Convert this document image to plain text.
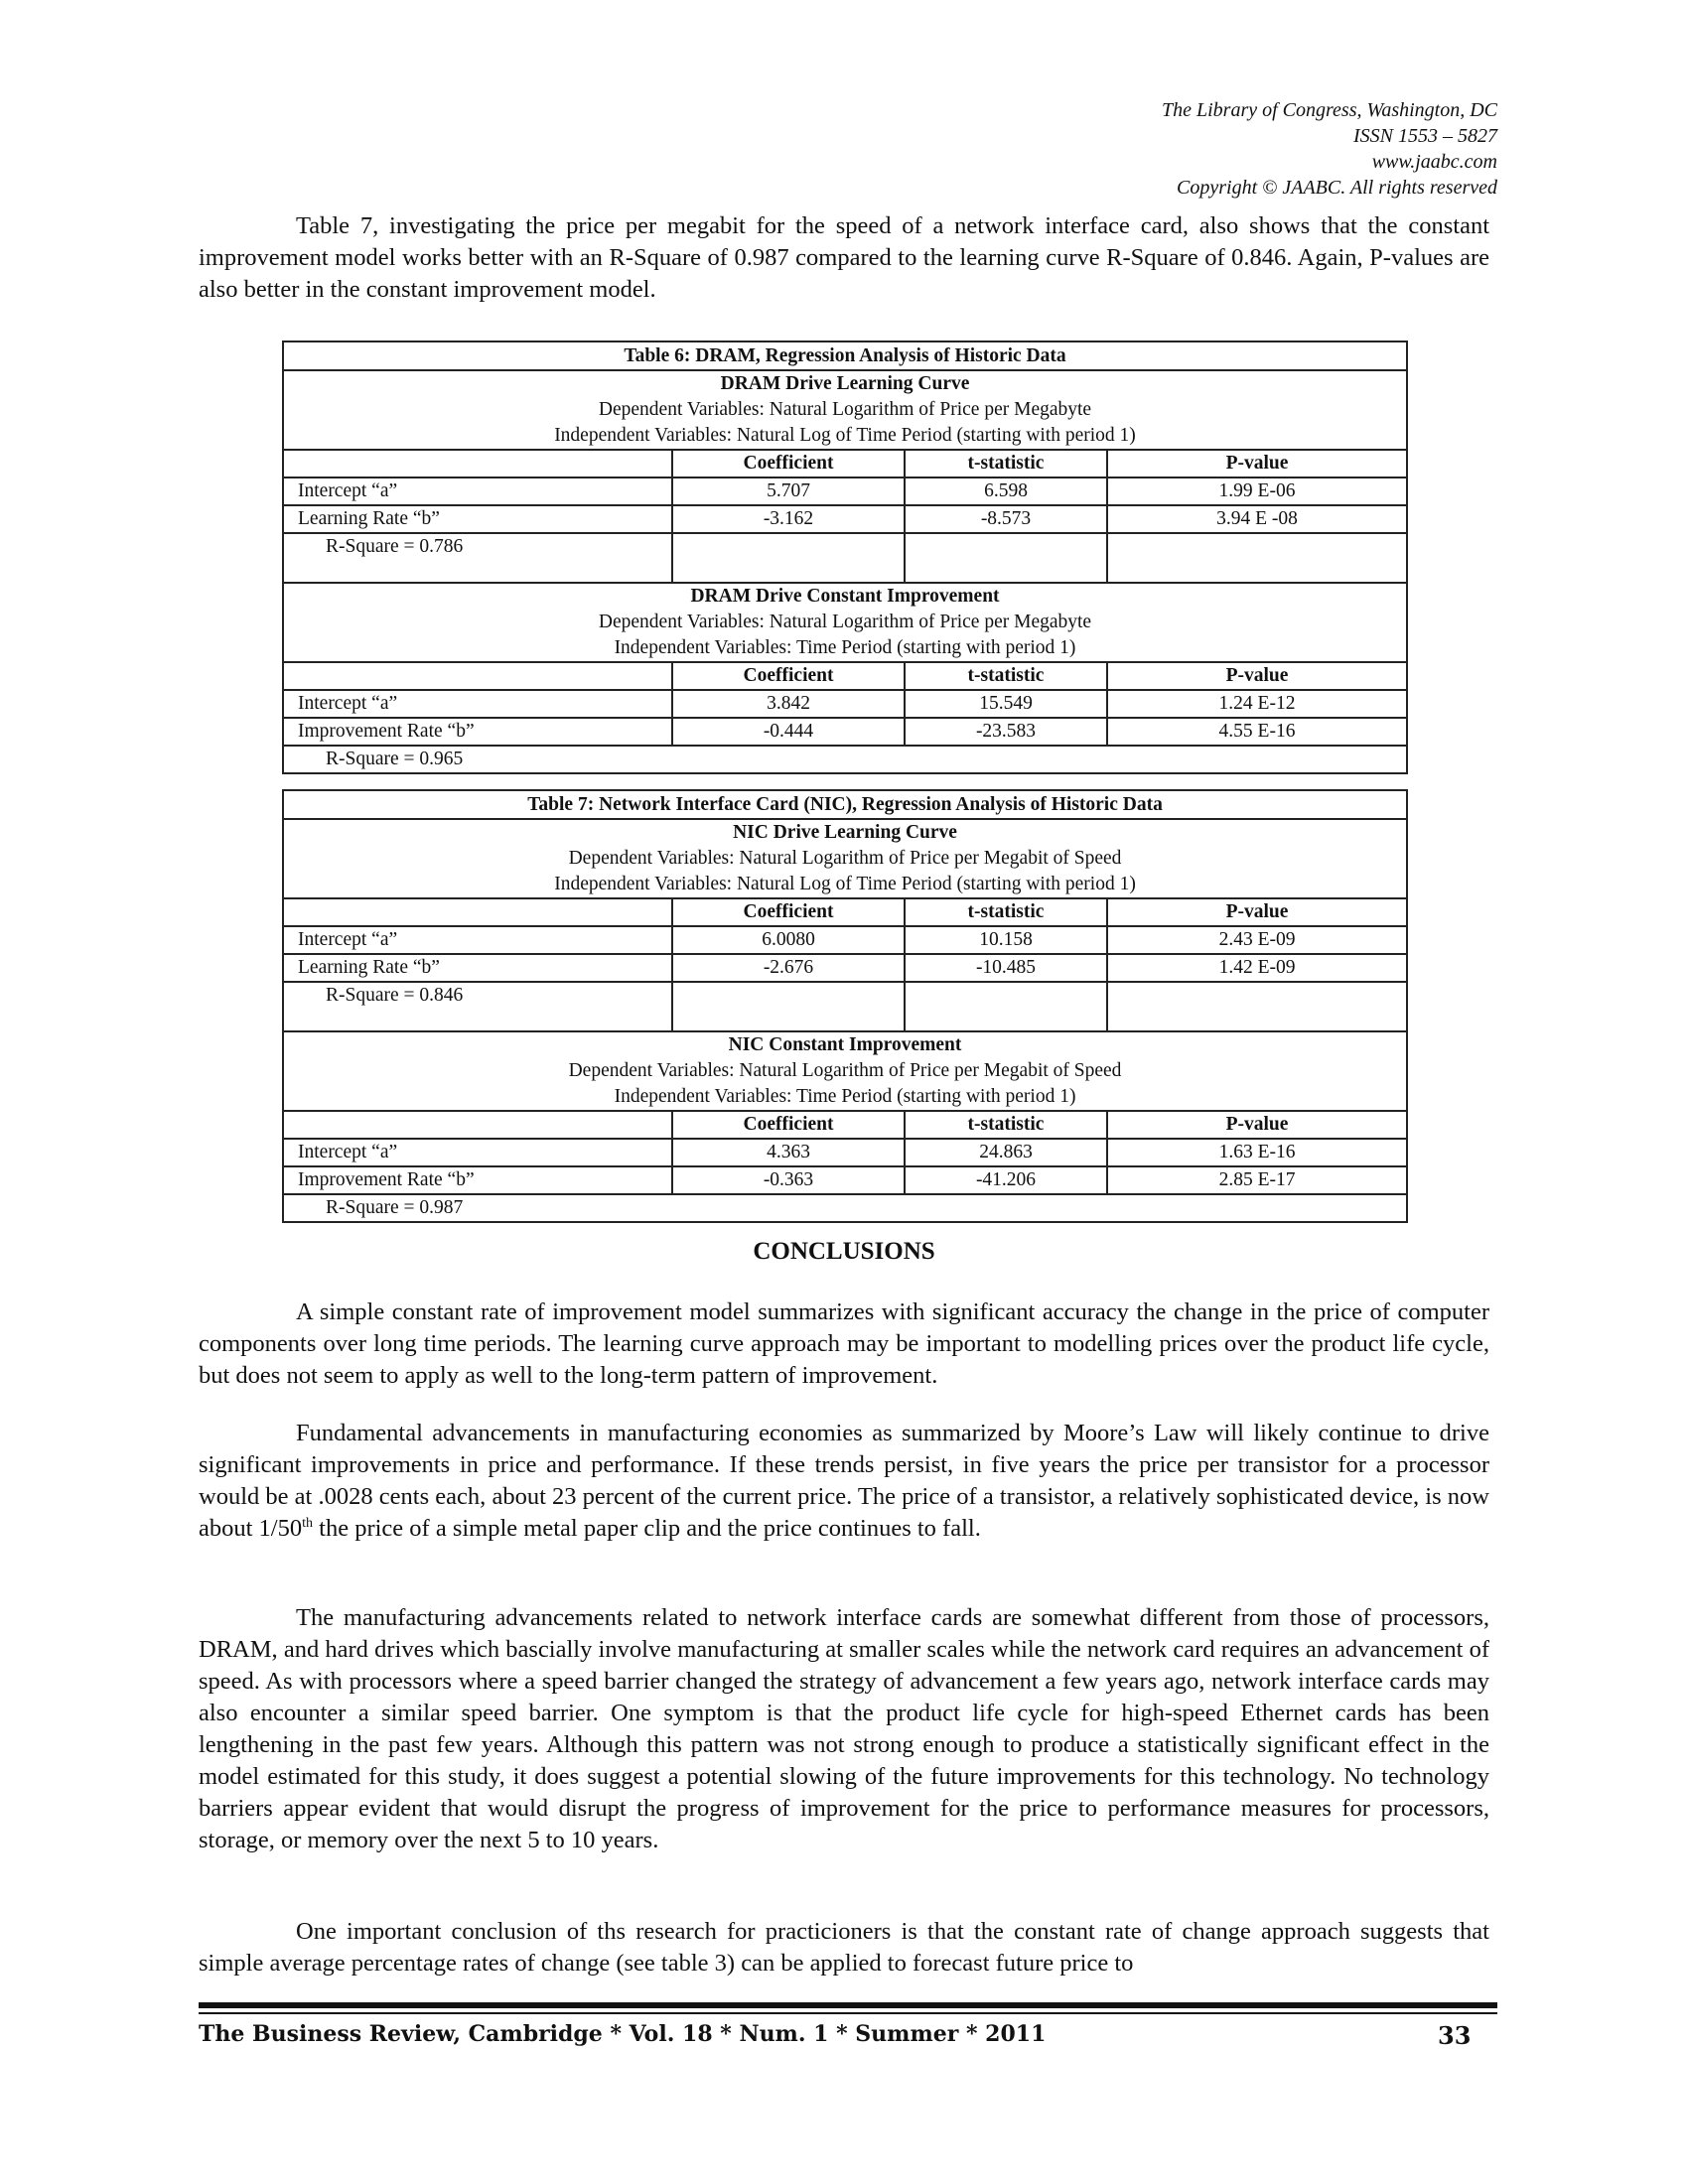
The Library of Congress, Washington, DC
ISSN 1553 – 5827
www.jaabc.com
Copyright © JAABC. All rights reserved
Table 7, investigating the price per megabit for the speed of a network interface card, also shows that the constant improvement model works better with an R-Square of 0.987 compared to the learning curve R-Square of 0.846. Again, P-values are also better in the constant improvement model.
Table 6: DRAM, Regression Analysis of Historic Data			

DRAM Drive Learning Curve
Dependent Variables: Natural Logarithm of Price per Megabyte
Independent Variables: Natural Log of Time Period (starting with period 1)			

	Coefficient	t-statistic	P-value
Intercept “a”	5.707	6.598	1.99 E-06
Learning Rate “b”	-3.162	-8.573	3.94 E -08
R-Square = 0.786			

DRAM Drive Constant Improvement
Dependent Variables: Natural Logarithm of Price per Megabyte
Independent Variables: Time Period (starting with period 1)			

	Coefficient	t-statistic	P-value
Intercept “a”	3.842	15.549	1.24 E-12
Improvement Rate “b”	-0.444	-23.583	4.55 E-16
R-Square = 0.965			
Table 7: Network Interface Card (NIC), Regression Analysis of Historic Data			

NIC Drive Learning Curve
Dependent Variables: Natural Logarithm of Price per Megabit of Speed
Independent Variables: Natural Log of Time Period (starting with period 1)			

	Coefficient	t-statistic	P-value
Intercept “a”	6.0080	10.158	2.43 E-09
Learning Rate “b”	-2.676	-10.485	1.42 E-09
R-Square = 0.846			

NIC Constant Improvement
Dependent Variables: Natural Logarithm of Price per Megabit of Speed
Independent Variables: Time Period (starting with period 1)			

	Coefficient	t-statistic	P-value
Intercept “a”	4.363	24.863	1.63 E-16
Improvement Rate “b”	-0.363	-41.206	2.85 E-17
R-Square = 0.987			
CONCLUSIONS
A simple constant rate of improvement model summarizes with significant accuracy the change in the price of computer components over long time periods. The learning curve approach may be important to modelling prices over the product life cycle, but does not seem to apply as well to the long-term pattern of improvement.
Fundamental advancements in manufacturing economies as summarized by Moore’s Law will likely continue to drive significant improvements in price and performance. If these trends persist, in five years the price per transistor for a processor would be at .0028 cents each, about 23 percent of the current price. The price of a transistor, a relatively sophisticated device, is now about 1/50th the price of a simple metal paper clip and the price continues to fall.
The manufacturing advancements related to network interface cards are somewhat different from those of processors, DRAM, and hard drives which bascially involve manufacturing at smaller scales while the network card requires an advancement of speed. As with processors where a speed barrier changed the strategy of advancement a few years ago, network interface cards may also encounter a similar speed barrier. One symptom is that the product life cycle for high-speed Ethernet cards has been lengthening in the past few years. Although this pattern was not strong enough to produce a statistically significant effect in the model estimated for this study, it does suggest a potential slowing of the future improvements for this technology. No technology barriers appear evident that would disrupt the progress of improvement for the price to performance measures for processors, storage, or memory over the next 5 to 10 years.
One important conclusion of ths research for practicioners is that the constant rate of change approach suggests that simple average percentage rates of change (see table 3) can be applied to forecast future price to
The Business Review, Cambridge * Vol. 18 * Num. 1 * Summer * 2011	33
